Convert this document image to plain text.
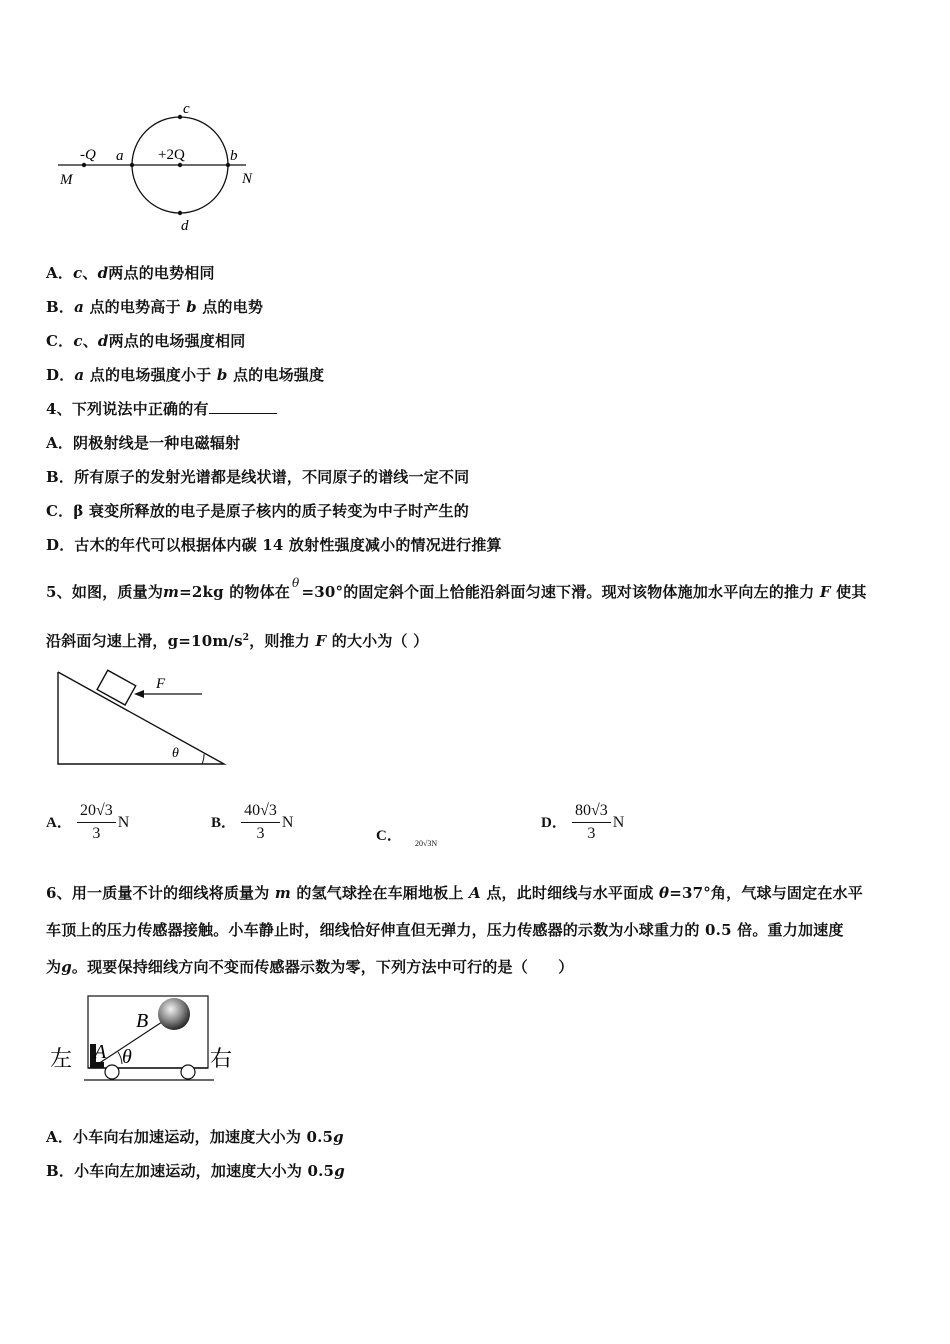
c
d
-Q a +2Q	b
M	N
A．c、d两点的电势相同
B．a 点的电势高于 b 点的电势
C．c、d两点的电场强度相同
D．a 点的电场强度小于 b 点的电场强度
4、下列说法中正确的有
A．阴极射线是一种电磁辐射
B．所有原子的发射光谱都是线状谱，不同原子的谱线一定不同
C．β 衰变所释放的电子是原子核内的质子转变为中子时产生的
D．古木的年代可以根据体内碳 14 放射性强度减小的情况进行推算
5、如图，质量为m=2kg 的物体在 $^\theta$ =30°的固定斜个面上恰能沿斜面匀速下滑。现对该物体施加水平向左的推力 F 使其
沿斜面匀速上滑，$g=10m/s^2$，则推力 F 的大小为（ ）
F
θ
A． $\frac{20√3}{3}$ N	B． $\frac{40√3}{3}$ N
C． $_{20√3N}$
D． $\frac{80√3}{3}$ N
6、用一质量不计的细线将质量为 m 的氢气球拴在车厢地板上 A 点，此时细线与水平面成 θ=37°角，气球与固定在水平
车顶上的压力传感器接触。小车静止时，细线恰好伸直但无弹力，压力传感器的示数为小球重力的 0.5 倍。重力加速度
为g。现要保持细线方向不变而传感器示数为零，下列方法中可行的是（　　）
左	右
A
B
θ
A．小车向右加速运动，加速度大小为 0.5g
B．小车向左加速运动，加速度大小为 0.5g
